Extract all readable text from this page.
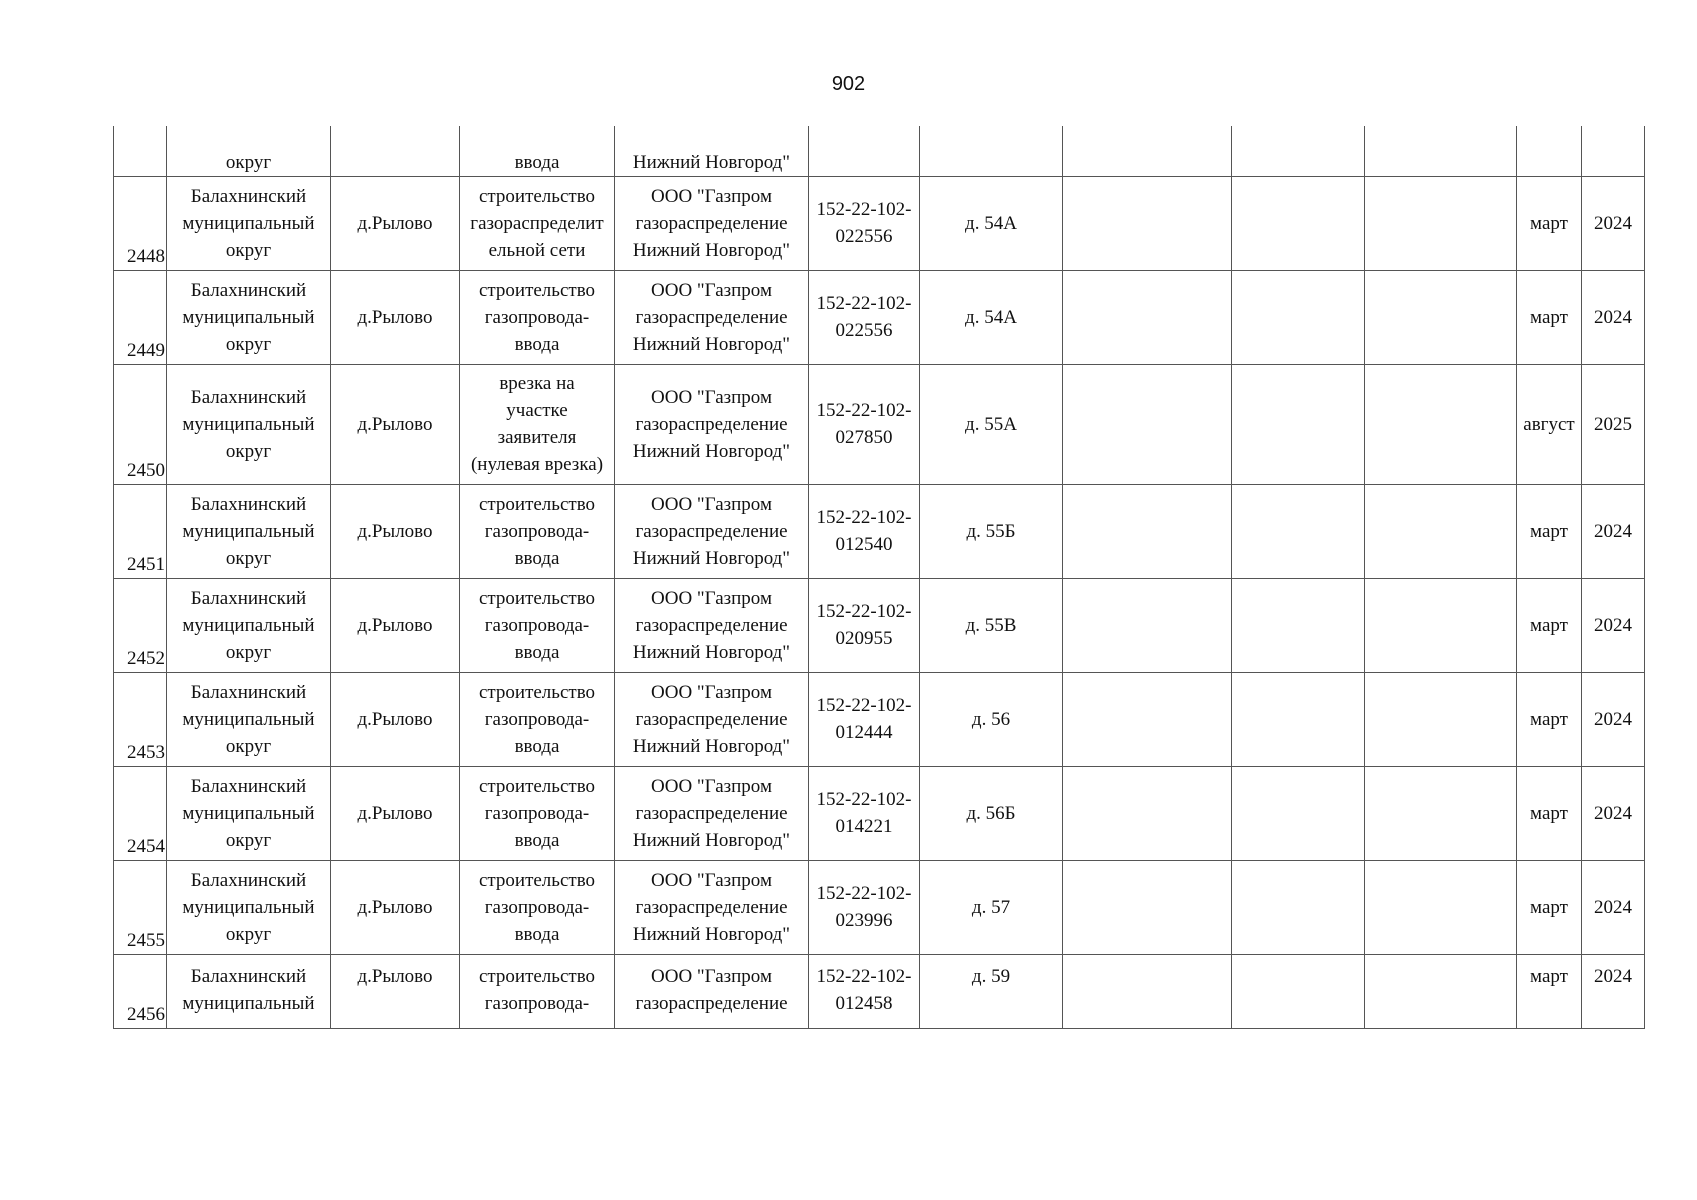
902
	округ		ввода	Нижний Новгород"							
2448	Балахнинский
муниципальный
округ	д.Рылово	строительство
газораспределит
ельной сети	ООО "Газпром
газораспределение
Нижний Новгород"	152-22-102-
022556	д. 54А				март	2024
2449	Балахнинский
муниципальный
округ	д.Рылово	строительство
газопровода-
ввода	ООО "Газпром
газораспределение
Нижний Новгород"	152-22-102-
022556	д. 54А				март	2024
2450	Балахнинский
муниципальный
округ	д.Рылово	врезка на
участке
заявителя
(нулевая врезка)	ООО "Газпром
газораспределение
Нижний Новгород"	152-22-102-
027850	д. 55А				август	2025
2451	Балахнинский
муниципальный
округ	д.Рылово	строительство
газопровода-
ввода	ООО "Газпром
газораспределение
Нижний Новгород"	152-22-102-
012540	д. 55Б				март	2024
2452	Балахнинский
муниципальный
округ	д.Рылово	строительство
газопровода-
ввода	ООО "Газпром
газораспределение
Нижний Новгород"	152-22-102-
020955	д. 55В				март	2024
2453	Балахнинский
муниципальный
округ	д.Рылово	строительство
газопровода-
ввода	ООО "Газпром
газораспределение
Нижний Новгород"	152-22-102-
012444	д. 56				март	2024
2454	Балахнинский
муниципальный
округ	д.Рылово	строительство
газопровода-
ввода	ООО "Газпром
газораспределение
Нижний Новгород"	152-22-102-
014221	д. 56Б				март	2024
2455	Балахнинский
муниципальный
округ	д.Рылово	строительство
газопровода-
ввода	ООО "Газпром
газораспределение
Нижний Новгород"	152-22-102-
023996	д. 57				март	2024
2456	Балахнинский
муниципальный	д.Рылово	строительство
газопровода-	ООО "Газпром
газораспределение	152-22-102-
012458	д. 59				март	2024
